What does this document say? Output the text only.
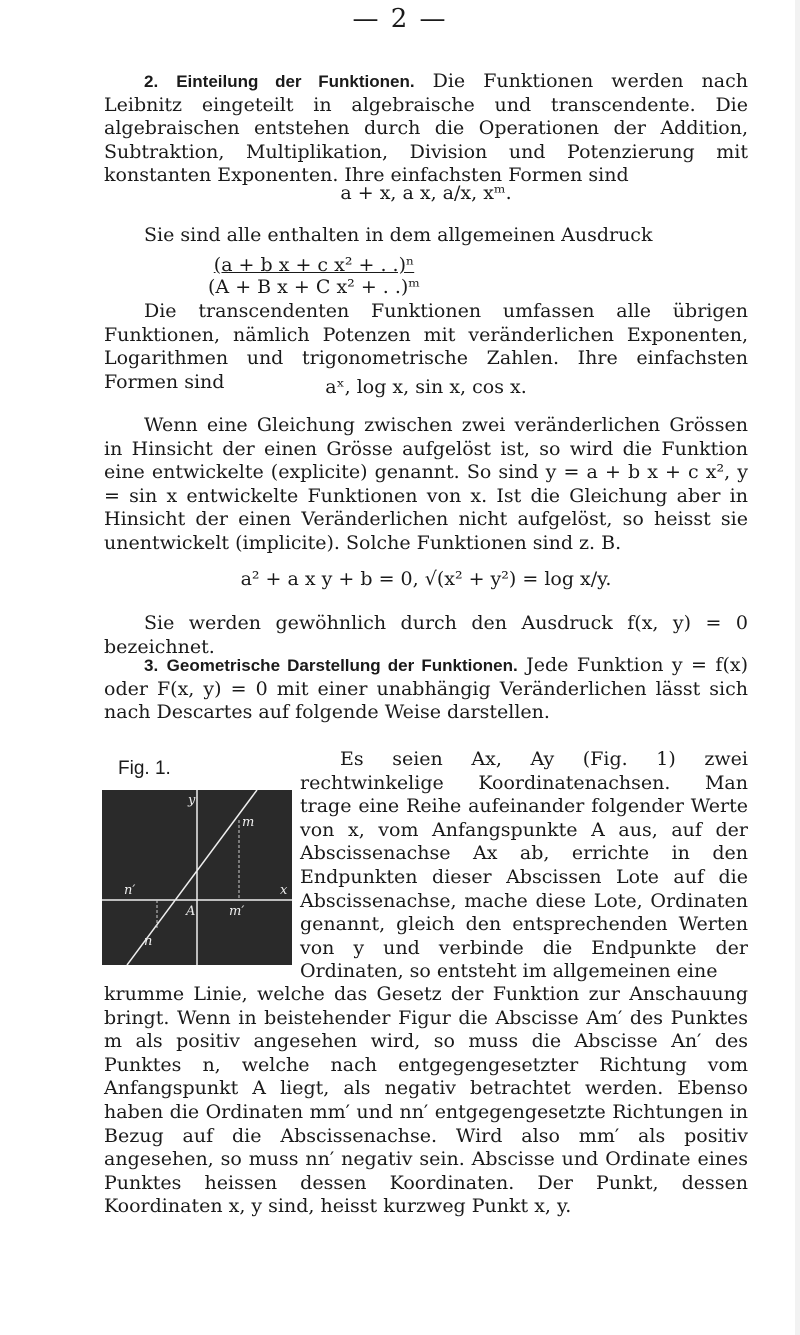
— 2 —

2. Einteilung der Funktionen. Die Funktionen werden nach Leibnitz eingeteilt in algebraische und transcendente. Die algebraischen entstehen durch die Operationen der Addition, Subtraktion, Multiplikation, Division und Potenzierung mit konstanten Exponenten. Ihre einfachsten Formen sind

a + x, a x, a/x, xᵐ.

Sie sind alle enthalten in dem allgemeinen Ausdruck

$\frac{\text{(a + b x + c x² + . .)ⁿ}}{\text{(A + B x + C x² + . .)ᵐ}}$

Die transcendenten Funktionen umfassen alle übrigen Funktionen, nämlich Potenzen mit veränderlichen Exponenten, Logarithmen und trigonometrische Zahlen. Ihre einfachsten Formen sind	aˣ, log x, sin x, cos x.

Wenn eine Gleichung zwischen zwei veränderlichen Grössen in Hinsicht der einen Grösse aufgelöst ist, so wird die Funktion eine entwickelte (explicite) genannt. So sind y = a + b x + c x², y = sin x entwickelte Funktionen von x. Ist die Gleichung aber in Hinsicht der einen Veränderlichen nicht aufgelöst, so heisst sie unentwickelt (implicite). Solche Funktionen sind z. B.

a² + a x y + b = 0, √(x² + y²) = log x/y.

Sie werden gewöhnlich durch den Ausdruck f(x, y) = 0 bezeichnet.

3. Geometrische Darstellung der Funktionen. Jede Funktion y = f(x) oder F(x, y) = 0 mit einer unabhängig Veränderlichen lässt sich nach Descartes auf folgende Weise darstellen.

Fig. 1.
y
m
n′
A	m′
x
n

Es seien Ax, Ay (Fig. 1) zwei rechtwinkelige Koordinatenachsen. Man trage eine Reihe aufeinander folgender Werte von x, vom Anfangspunkte A aus, auf der Abscissenachse Ax ab, errichte in den Endpunkten dieser Abscissen Lote auf die Abscissenachse, mache diese Lote, Ordinaten genannt, gleich den entsprechenden Werten von y und verbinde die Endpunkte der Ordinaten, so entsteht im allgemeinen eine

krumme Linie, welche das Gesetz der Funktion zur Anschauung bringt. Wenn in beistehender Figur die Abscisse Am′ des Punktes m als positiv angesehen wird, so muss die Abscisse An′ des Punktes n, welche nach entgegengesetzter Richtung vom Anfangspunkt A liegt, als negativ betrachtet werden. Ebenso haben die Ordinaten mm′ und nn′ entgegengesetzte Richtungen in Bezug auf die Abscissenachse. Wird also mm′ als positiv angesehen, so muss nn′ negativ sein. Abscisse und Ordinate eines Punktes heissen dessen Koordinaten. Der Punkt, dessen Koordinaten x, y sind, heisst kurzweg Punkt x, y.
